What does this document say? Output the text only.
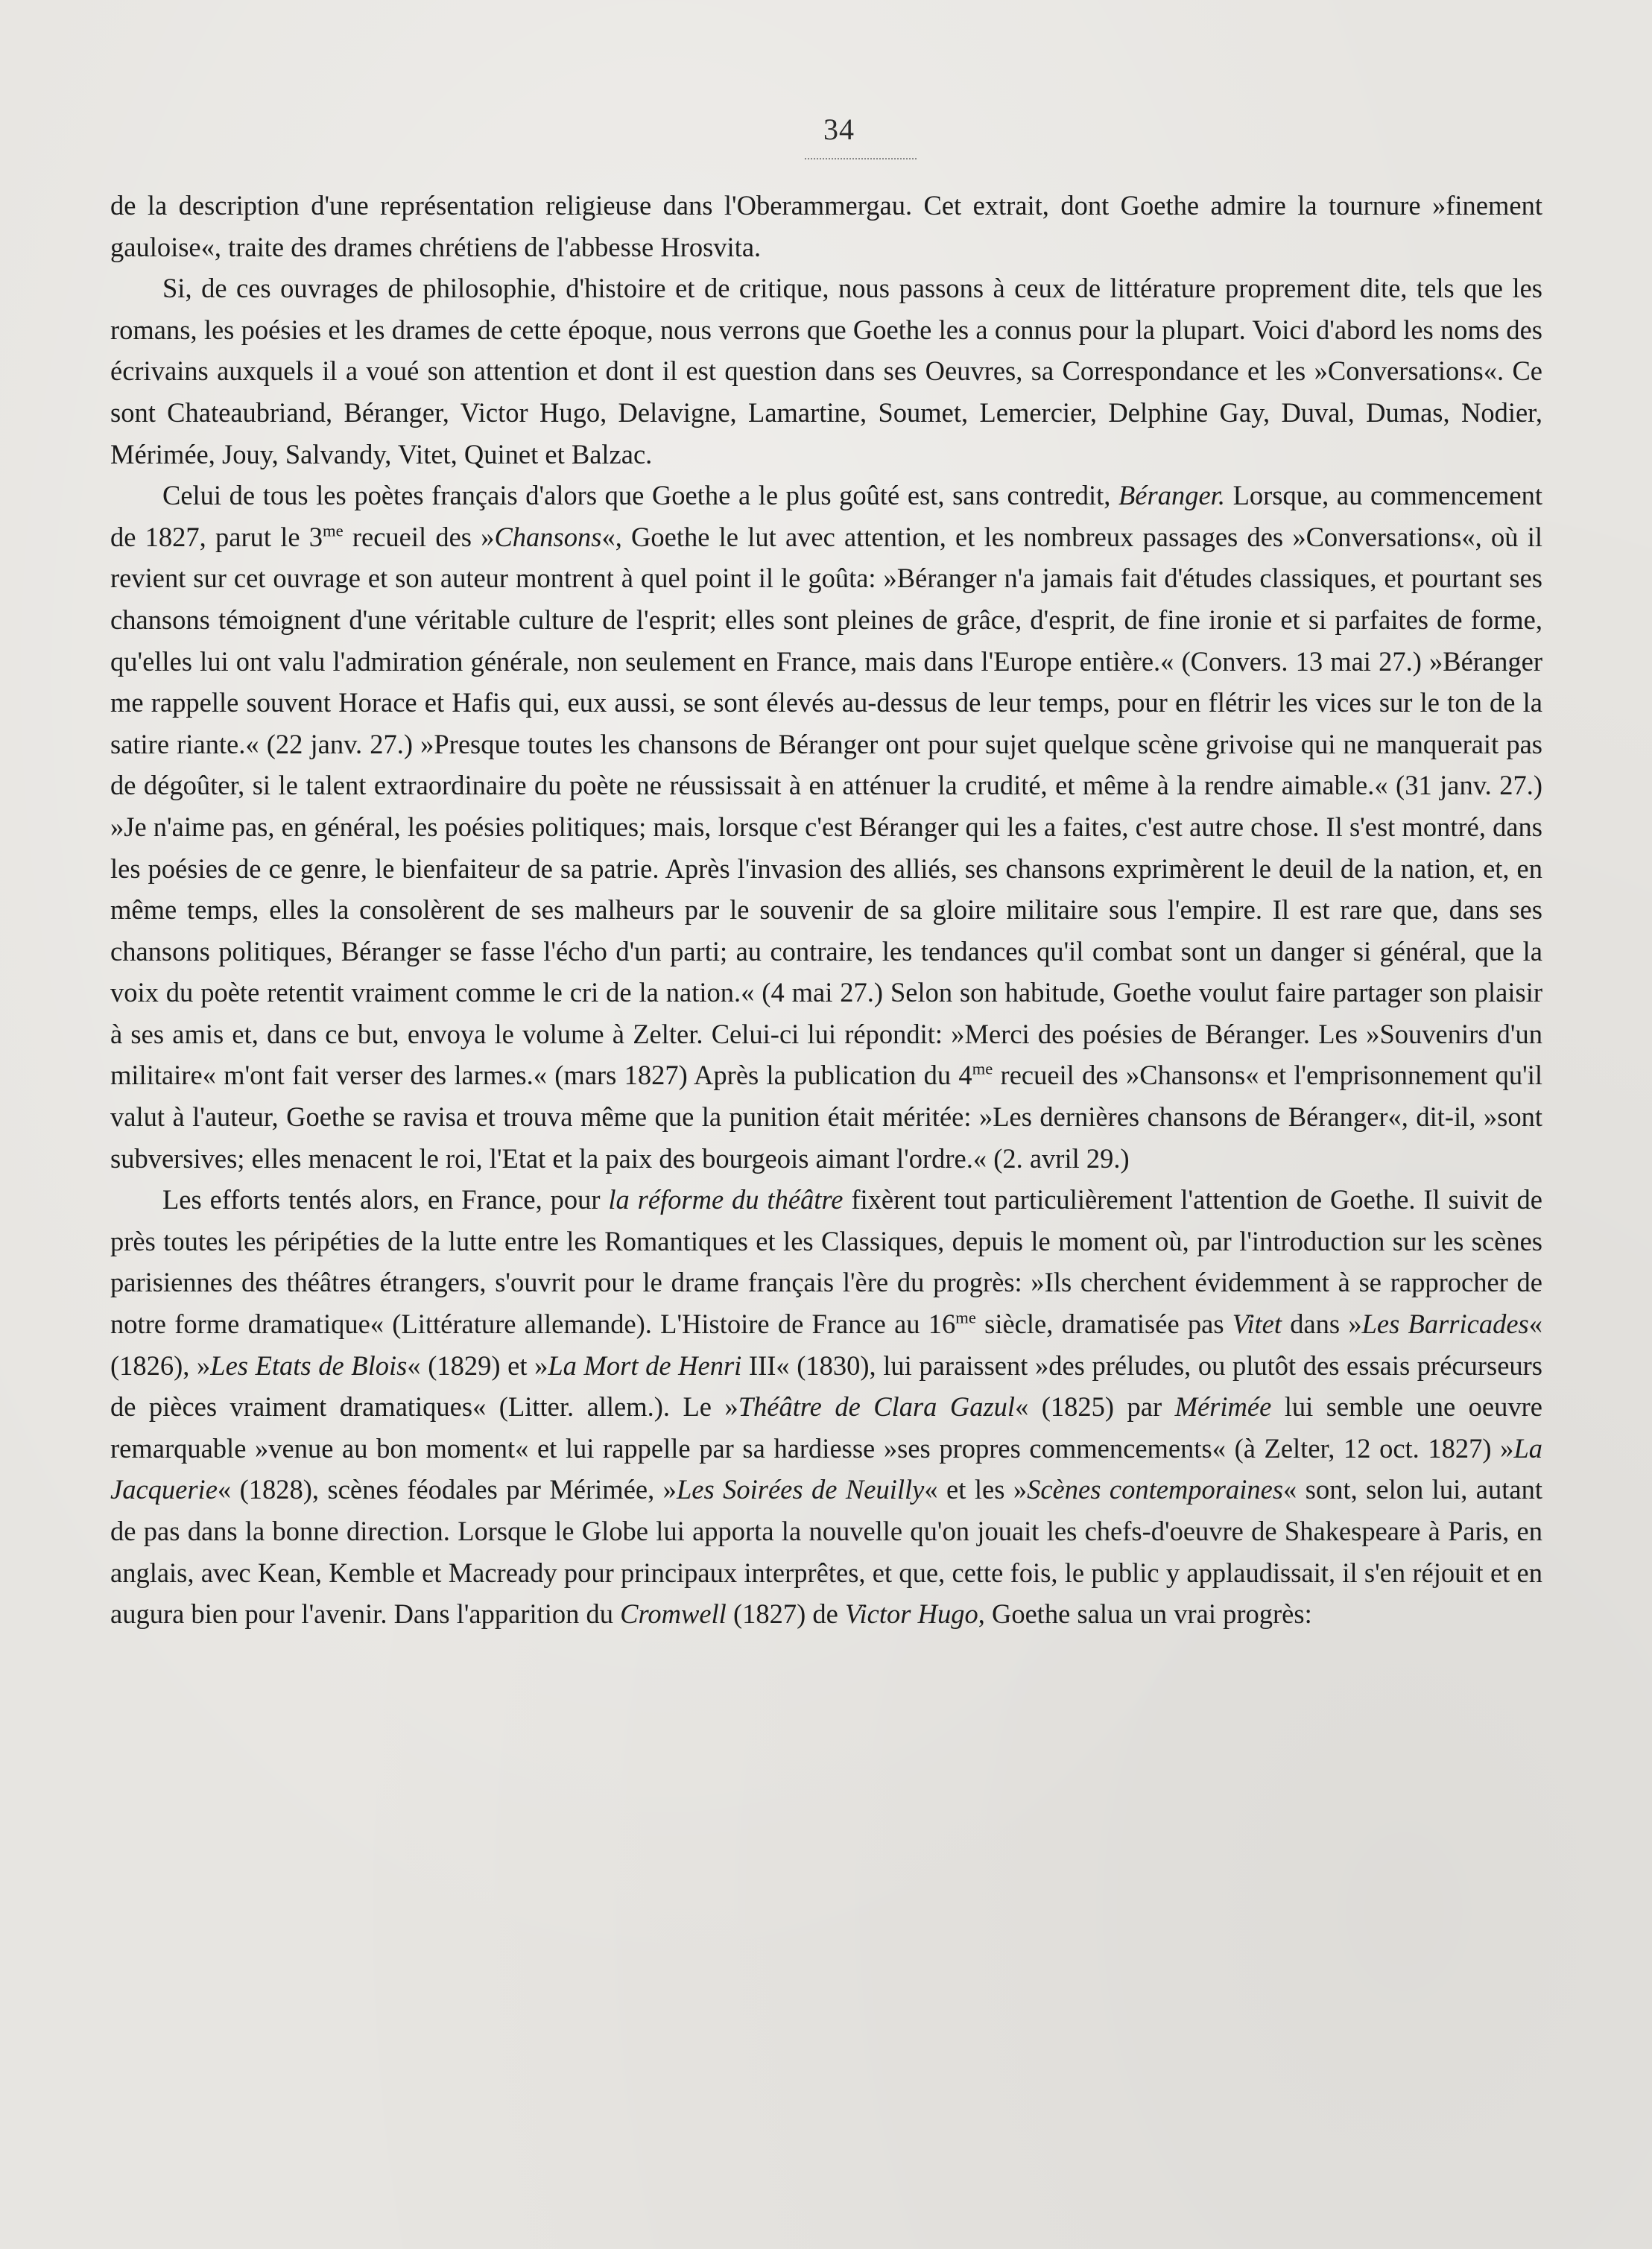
34

de la description d'une représentation religieuse dans l'Oberammergau. Cet extrait, dont Goethe admire la tournure »finement gauloise«, traite des drames chrétiens de l'abbesse Hrosvita.

Si, de ces ouvrages de philosophie, d'histoire et de critique, nous passons à ceux de littérature proprement dite, tels que les romans, les poésies et les drames de cette époque, nous verrons que Goethe les a connus pour la plupart. Voici d'abord les noms des écrivains auxquels il a voué son attention et dont il est question dans ses Oeuvres, sa Correspondance et les »Conversations«. Ce sont Chateaubriand, Béranger, Victor Hugo, Delavigne, Lamartine, Soumet, Lemercier, Delphine Gay, Duval, Dumas, Nodier, Mérimée, Jouy, Salvandy, Vitet, Quinet et Balzac.

Celui de tous les poètes français d'alors que Goethe a le plus goûté est, sans contredit, Béranger. Lorsque, au commencement de 1827, parut le $3^{me}$ recueil des »Chansons«, Goethe le lut avec attention, et les nombreux passages des »Conversations«, où il revient sur cet ouvrage et son auteur montrent à quel point il le goûta: »Béranger n'a jamais fait d'études classiques, et pourtant ses chansons témoignent d'une véritable culture de l'esprit; elles sont pleines de grâce, d'esprit, de fine ironie et si parfaites de forme, qu'elles lui ont valu l'admiration générale, non seulement en France, mais dans l'Europe entière.« (Convers. 13 mai 27.) »Béranger me rappelle souvent Horace et Hafis qui, eux aussi, se sont élevés au-dessus de leur temps, pour en flétrir les vices sur le ton de la satire riante.« (22 janv. 27.) »Presque toutes les chansons de Béranger ont pour sujet quelque scène grivoise qui ne manquerait pas de dégoûter, si le talent extraordinaire du poète ne réussissait à en atténuer la crudité, et même à la rendre aimable.« (31 janv. 27.) »Je n'aime pas, en général, les poésies politiques; mais, lorsque c'est Béranger qui les a faites, c'est autre chose. Il s'est montré, dans les poésies de ce genre, le bienfaiteur de sa patrie. Après l'invasion des alliés, ses chansons exprimèrent le deuil de la nation, et, en même temps, elles la consolèrent de ses malheurs par le souvenir de sa gloire militaire sous l'empire. Il est rare que, dans ses chansons politiques, Béranger se fasse l'écho d'un parti; au contraire, les tendances qu'il combat sont un danger si général, que la voix du poète retentit vraiment comme le cri de la nation.« (4 mai 27.) Selon son habitude, Goethe voulut faire partager son plaisir à ses amis et, dans ce but, envoya le volume à Zelter. Celui-ci lui répondit: »Merci des poésies de Béranger. Les »Souvenirs d'un militaire« m'ont fait verser des larmes.« (mars 1827) Après la publication du $4^{me}$ recueil des »Chansons« et l'emprisonnement qu'il valut à l'auteur, Goethe se ravisa et trouva même que la punition était méritée: »Les dernières chansons de Béranger«, dit-il, »sont subversives; elles menacent le roi, l'Etat et la paix des bourgeois aimant l'ordre.« (2. avril 29.)

Les efforts tentés alors, en France, pour la réforme du théâtre fixèrent tout particulièrement l'attention de Goethe. Il suivit de près toutes les péripéties de la lutte entre les Romantiques et les Classiques, depuis le moment où, par l'introduction sur les scènes parisiennes des théâtres étrangers, s'ouvrit pour le drame français l'ère du progrès: »Ils cherchent évidemment à se rapprocher de notre forme dramatique« (Littérature allemande). L'Histoire de France au $16^{me}$ siècle, dramatisée pas Vitet dans »Les Barricades« (1826), »Les Etats de Blois« (1829) et »La Mort de Henri III« (1830), lui paraissent »des préludes, ou plutôt des essais précurseurs de pièces vraiment dramatiques« (Litter. allem.). Le »Théâtre de Clara Gazul« (1825) par Mérimée lui semble une oeuvre remarquable »venue au bon moment« et lui rappelle par sa hardiesse »ses propres commencements« (à Zelter, 12 oct. 1827) »La Jacquerie« (1828), scènes féodales par Mérimée, »Les Soirées de Neuilly« et les »Scènes contemporaines« sont, selon lui, autant de pas dans la bonne direction. Lorsque le Globe lui apporta la nouvelle qu'on jouait les chefs-d'oeuvre de Shakespeare à Paris, en anglais, avec Kean, Kemble et Macready pour principaux interprêtes, et que, cette fois, le public y applaudissait, il s'en réjouit et en augura bien pour l'avenir. Dans l'apparition du Cromwell (1827) de Victor Hugo, Goethe salua un vrai progrès:
